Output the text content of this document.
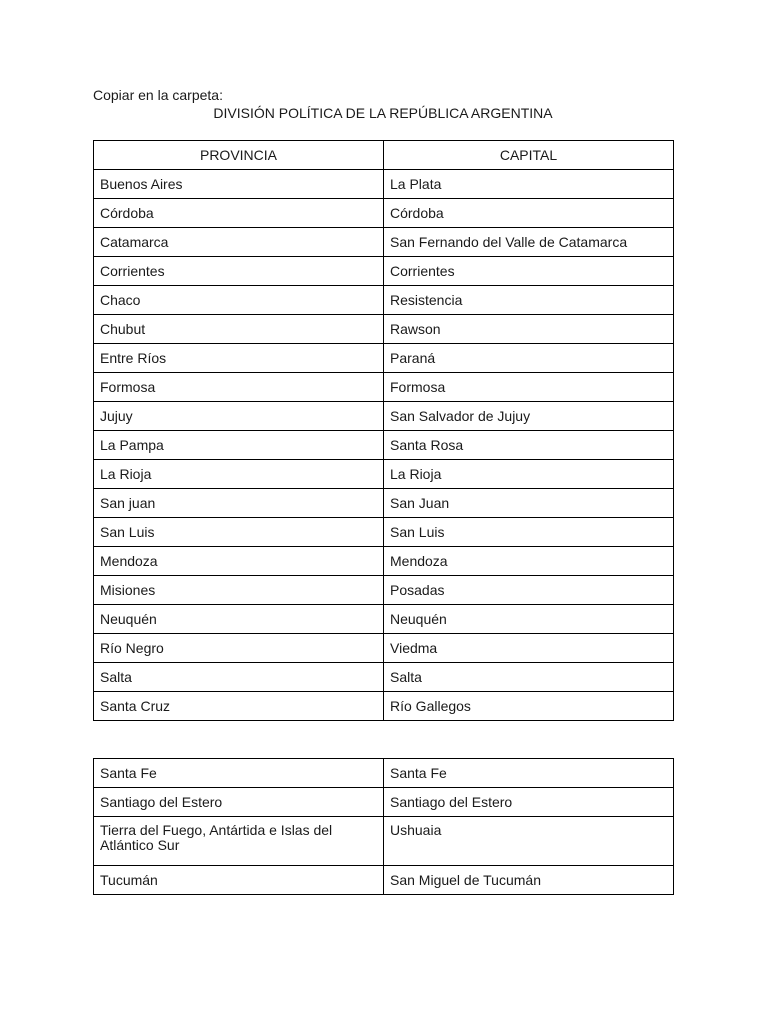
Copiar en la carpeta:
DIVISIÓN POLÍTICA DE LA REPÚBLICA ARGENTINA
PROVINCIA	CAPITAL
Buenos Aires	La Plata
Córdoba	Córdoba
Catamarca	San Fernando del Valle de Catamarca
Corrientes	Corrientes
Chaco	Resistencia
Chubut	Rawson
Entre Ríos	Paraná
Formosa	Formosa
Jujuy	San Salvador de Jujuy
La Pampa	Santa Rosa
La Rioja	La Rioja
San juan	San Juan
San Luis	San Luis
Mendoza	Mendoza
Misiones	Posadas
Neuquén	Neuquén
Río Negro	Viedma
Salta	Salta
Santa Cruz	Río Gallegos
Santa Fe	Santa Fe
Santiago del Estero	Santiago del Estero
Tierra del Fuego, Antártida e Islas del Atlántico Sur	Ushuaia
Tucumán	San Miguel de Tucumán
